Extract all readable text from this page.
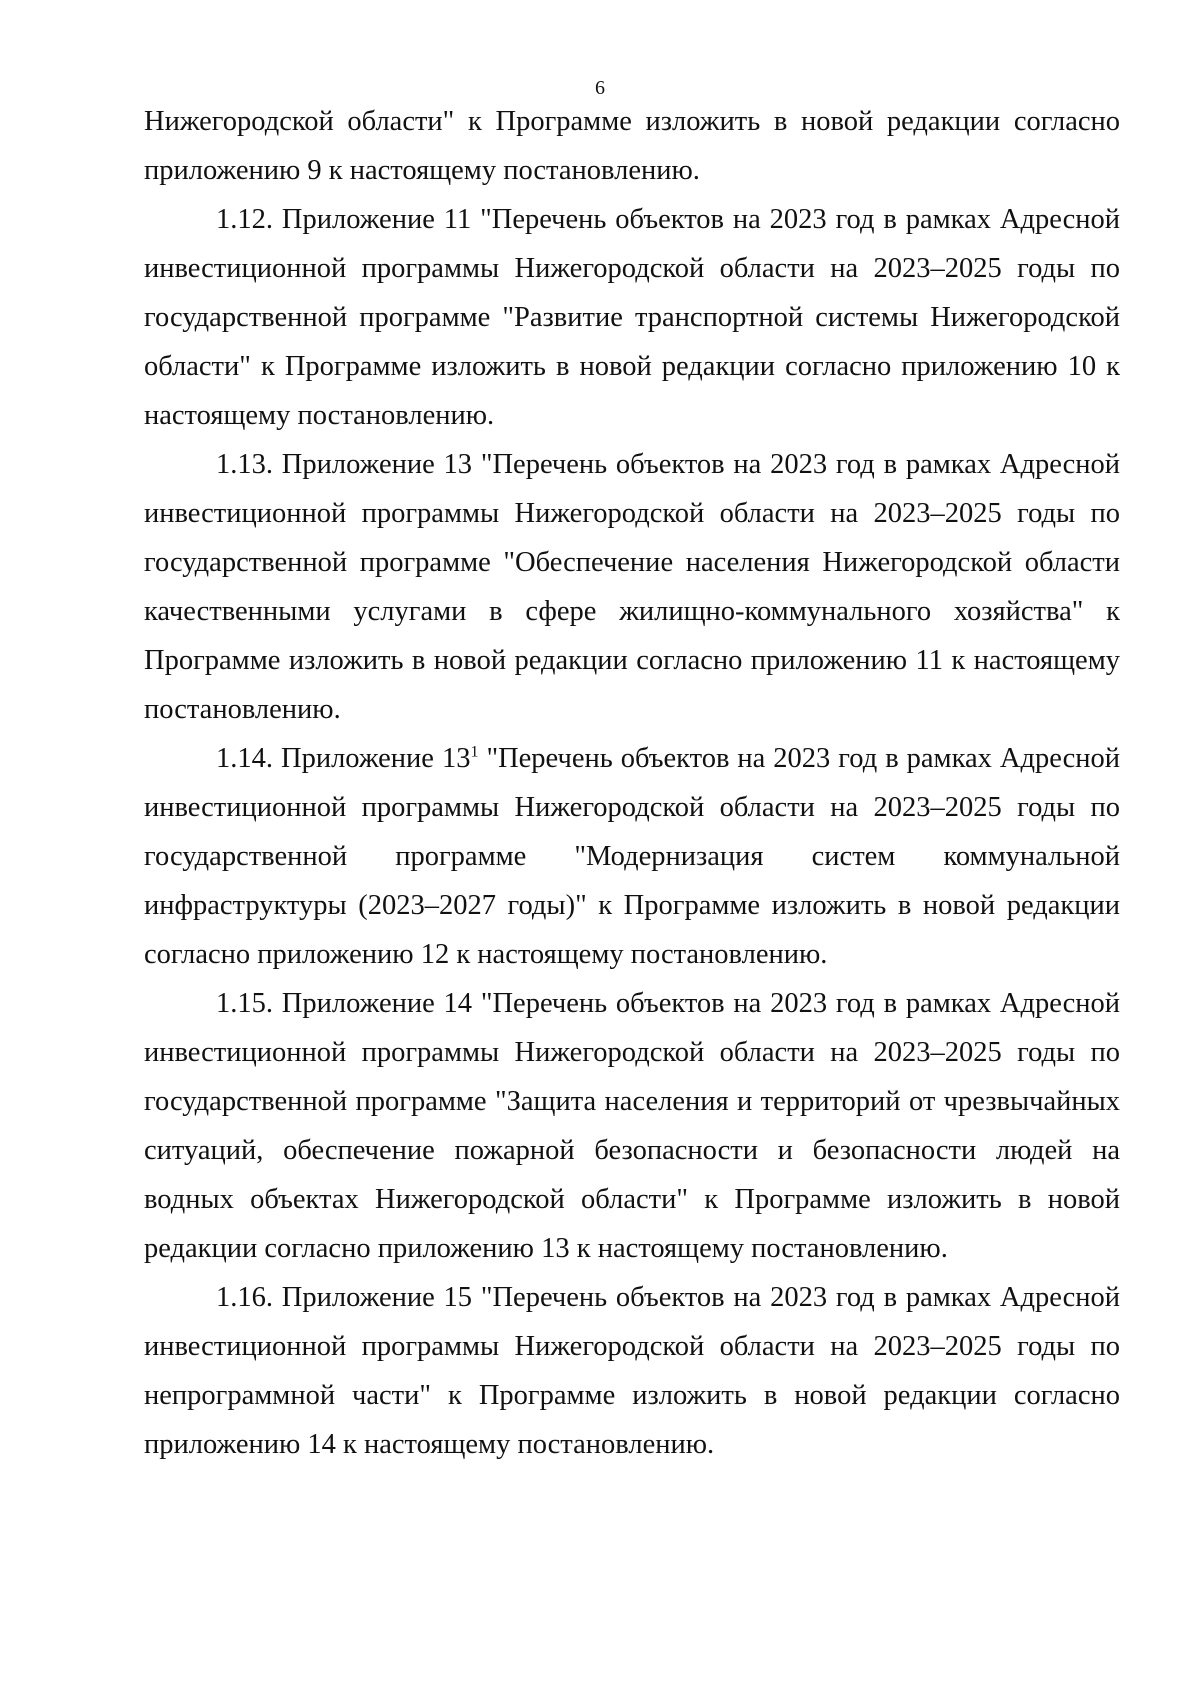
6

Нижегородской области" к Программе изложить в новой редакции согласно приложению 9 к настоящему постановлению.

1.12. Приложение 11 "Перечень объектов на 2023 год в рамках Адресной инвестиционной программы Нижегородской области на 2023–2025 годы по государственной программе "Развитие транспортной системы Нижегородской области" к Программе изложить в новой редакции согласно приложению 10 к настоящему постановлению.

1.13. Приложение 13 "Перечень объектов на 2023 год в рамках Адресной инвестиционной программы Нижегородской области на 2023–2025 годы по государственной программе "Обеспечение населения Нижегородской области качественными услугами в сфере жилищно-коммунального хозяйства" к Программе изложить в новой редакции согласно приложению 11 к настоящему постановлению.

1.14. Приложение $13^1$ "Перечень объектов на 2023 год в рамках Адресной инвестиционной программы Нижегородской области на 2023–2025 годы по государственной программе "Модернизация систем коммунальной инфраструктуры (2023–2027 годы)" к Программе изложить в новой редакции согласно приложению 12 к настоящему постановлению.

1.15. Приложение 14 "Перечень объектов на 2023 год в рамках Адресной инвестиционной программы Нижегородской области на 2023–2025 годы по государственной программе "Защита населения и территорий от чрезвычайных ситуаций, обеспечение пожарной безопасности и безопасности людей на водных объектах Нижегородской области" к Программе изложить в новой редакции согласно приложению 13 к настоящему постановлению.

1.16. Приложение 15 "Перечень объектов на 2023 год в рамках Адресной инвестиционной программы Нижегородской области на 2023–2025 годы по непрограммной части" к Программе изложить в новой редакции согласно приложению 14 к настоящему постановлению.
